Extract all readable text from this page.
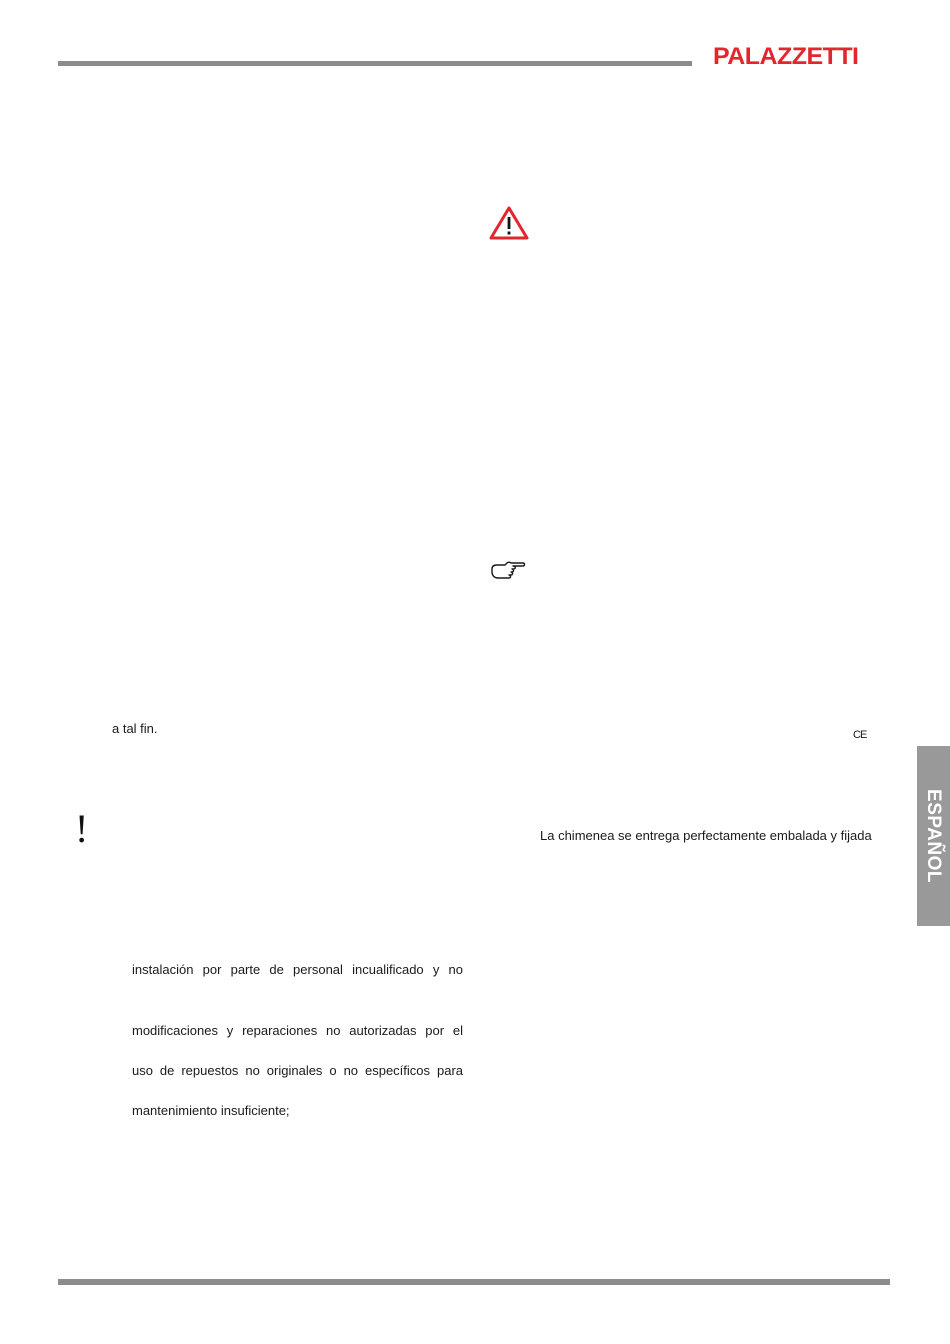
PALAZZETTI
CE
a tal fin.
!
instalación por parte de personal incualificado y no
modificaciones y reparaciones no autorizadas por el
uso de repuestos no originales o no específicos para
mantenimiento insuficiente;
La chimenea se entrega perfectamente embalada y fijada	ESPAÑOL
